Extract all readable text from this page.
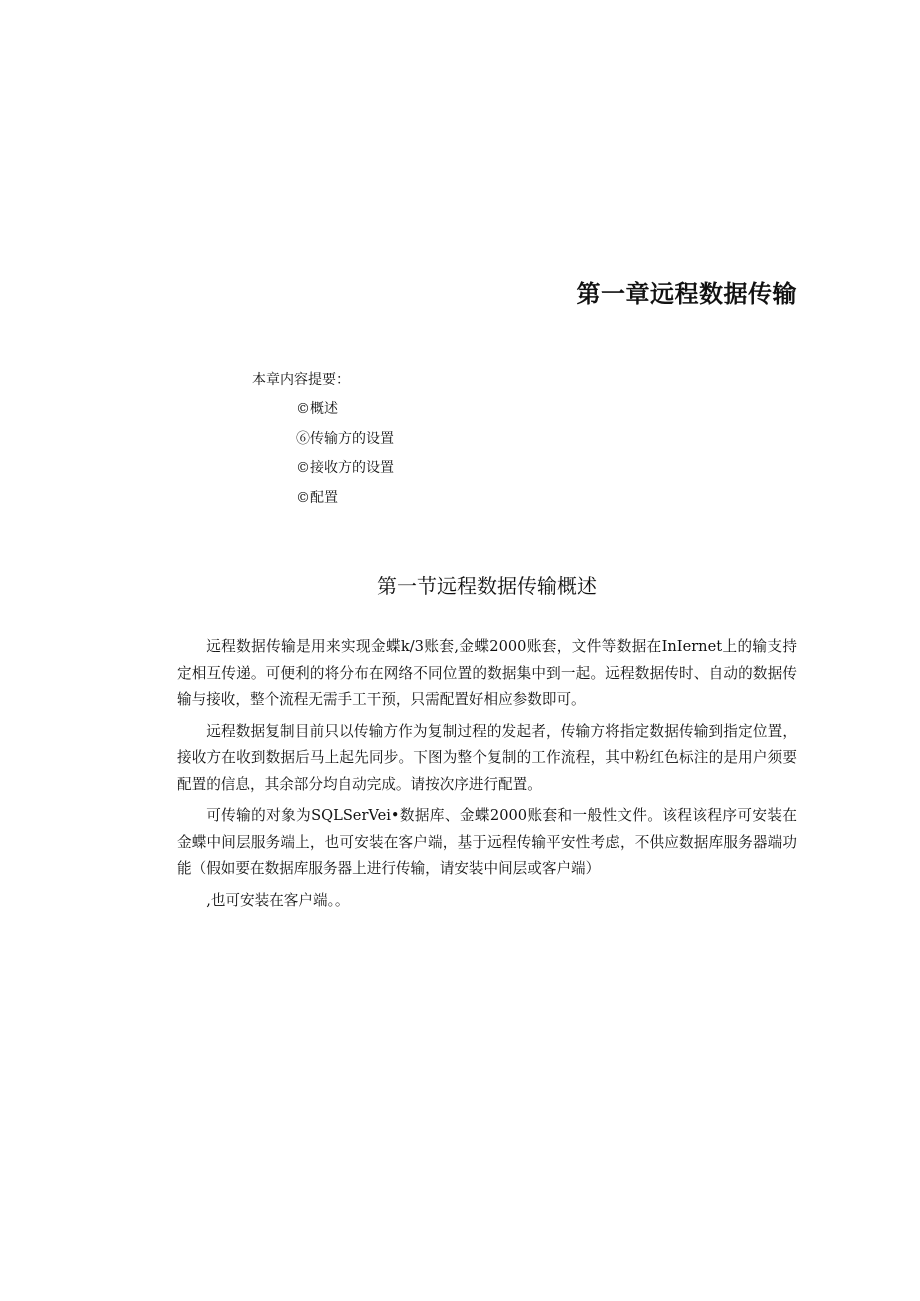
第一章远程数据传输
本章内容提要：
©概述
⑥传输方的设置
©接收方的设置
©配置
第一节远程数据传输概述

远程数据传输是用来实现金蝶k/3账套,金蝶2000账套，文件等数据在InIernet上的输支持定相互传递。可便利的将分布在网络不同位置的数据集中到一起。远程数据传时、自动的数据传输与接收，整个流程无需手工干预，只需配置好相应参数即可。

远程数据复制目前只以传输方作为复制过程的发起者，传输方将指定数据传输到指定位置，接收方在收到数据后马上起先同步。下图为整个复制的工作流程，其中粉红色标注的是用户须要配置的信息，其余部分均自动完成。请按次序进行配置。

可传输的对象为SQLSerVei•数据库、金蝶2000账套和一般性文件。该程该程序可安装在金蝶中间层服务端上，也可安装在客户端，基于远程传输平安性考虑，不供应数据库服务器端功能（假如要在数据库服务器上进行传输，请安装中间层或客户端）

,也可安装在客户端。。
